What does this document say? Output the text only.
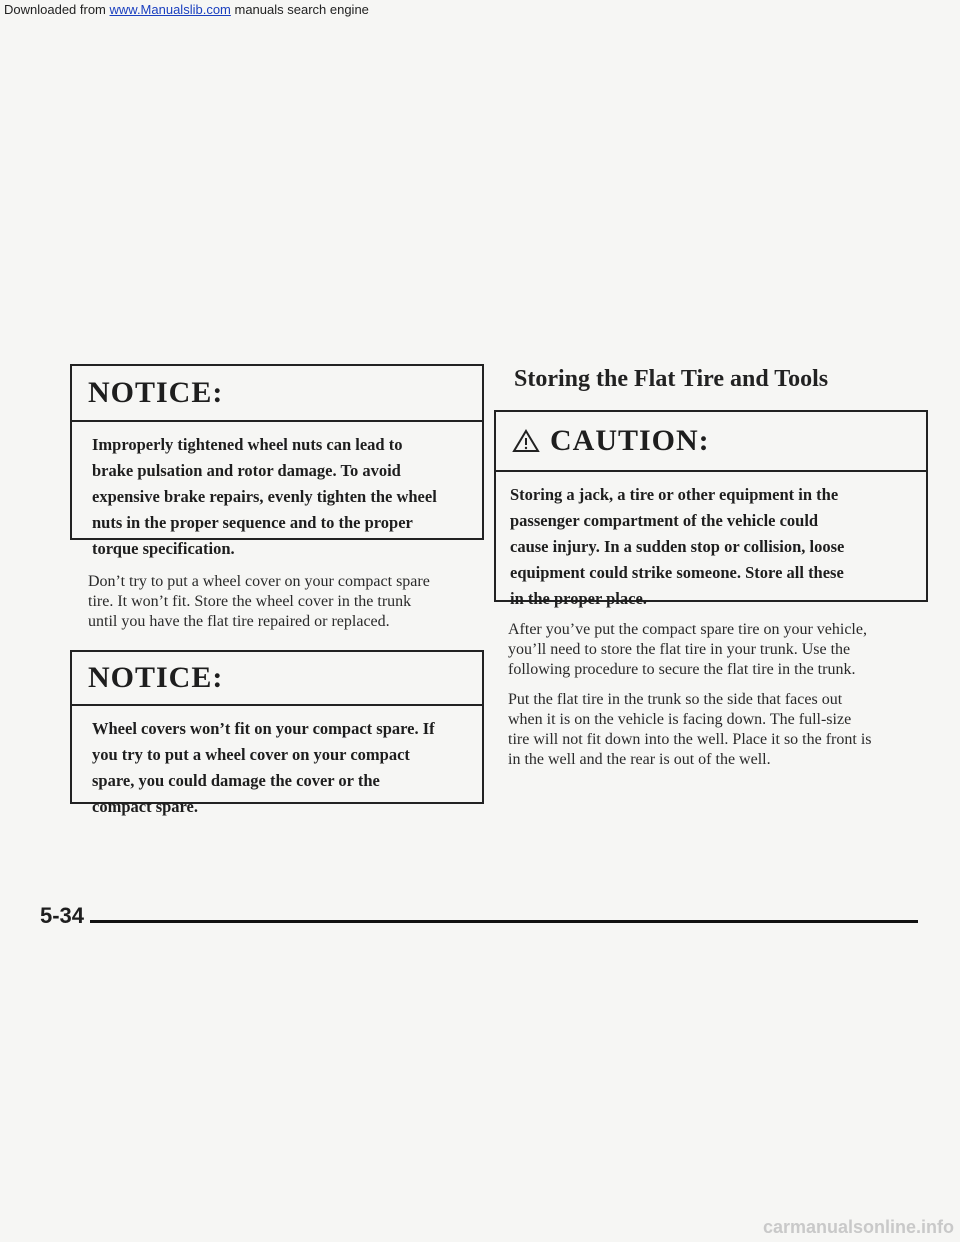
Downloaded from www.Manualslib.com manuals search engine
NOTICE:
Improperly tightened wheel nuts can lead to
brake pulsation and rotor damage. To avoid
expensive brake repairs, evenly tighten the wheel
nuts in the proper sequence and to the proper
torque specification.
Don’t try to put a wheel cover on your compact spare
tire. It won’t fit. Store the wheel cover in the trunk
until you have the flat tire repaired or replaced.
NOTICE:
Wheel covers won’t fit on your compact spare. If
you try to put a wheel cover on your compact
spare, you could damage the cover or the
compact spare.
Storing the Flat Tire and Tools
CAUTION:
Storing a jack, a tire or other equipment in the
passenger compartment of the vehicle could
cause injury. In a sudden stop or collision, loose
equipment could strike someone. Store all these
in the proper place.
After you’ve put the compact spare tire on your vehicle,
you’ll need to store the flat tire in your trunk. Use the
following procedure to secure the flat tire in the trunk.
Put the flat tire in the trunk so the side that faces out
when it is on the vehicle is facing down. The full-size
tire will not fit down into the well. Place it so the front is
in the well and the rear is out of the well.
5-34
carmanualsonline.info
